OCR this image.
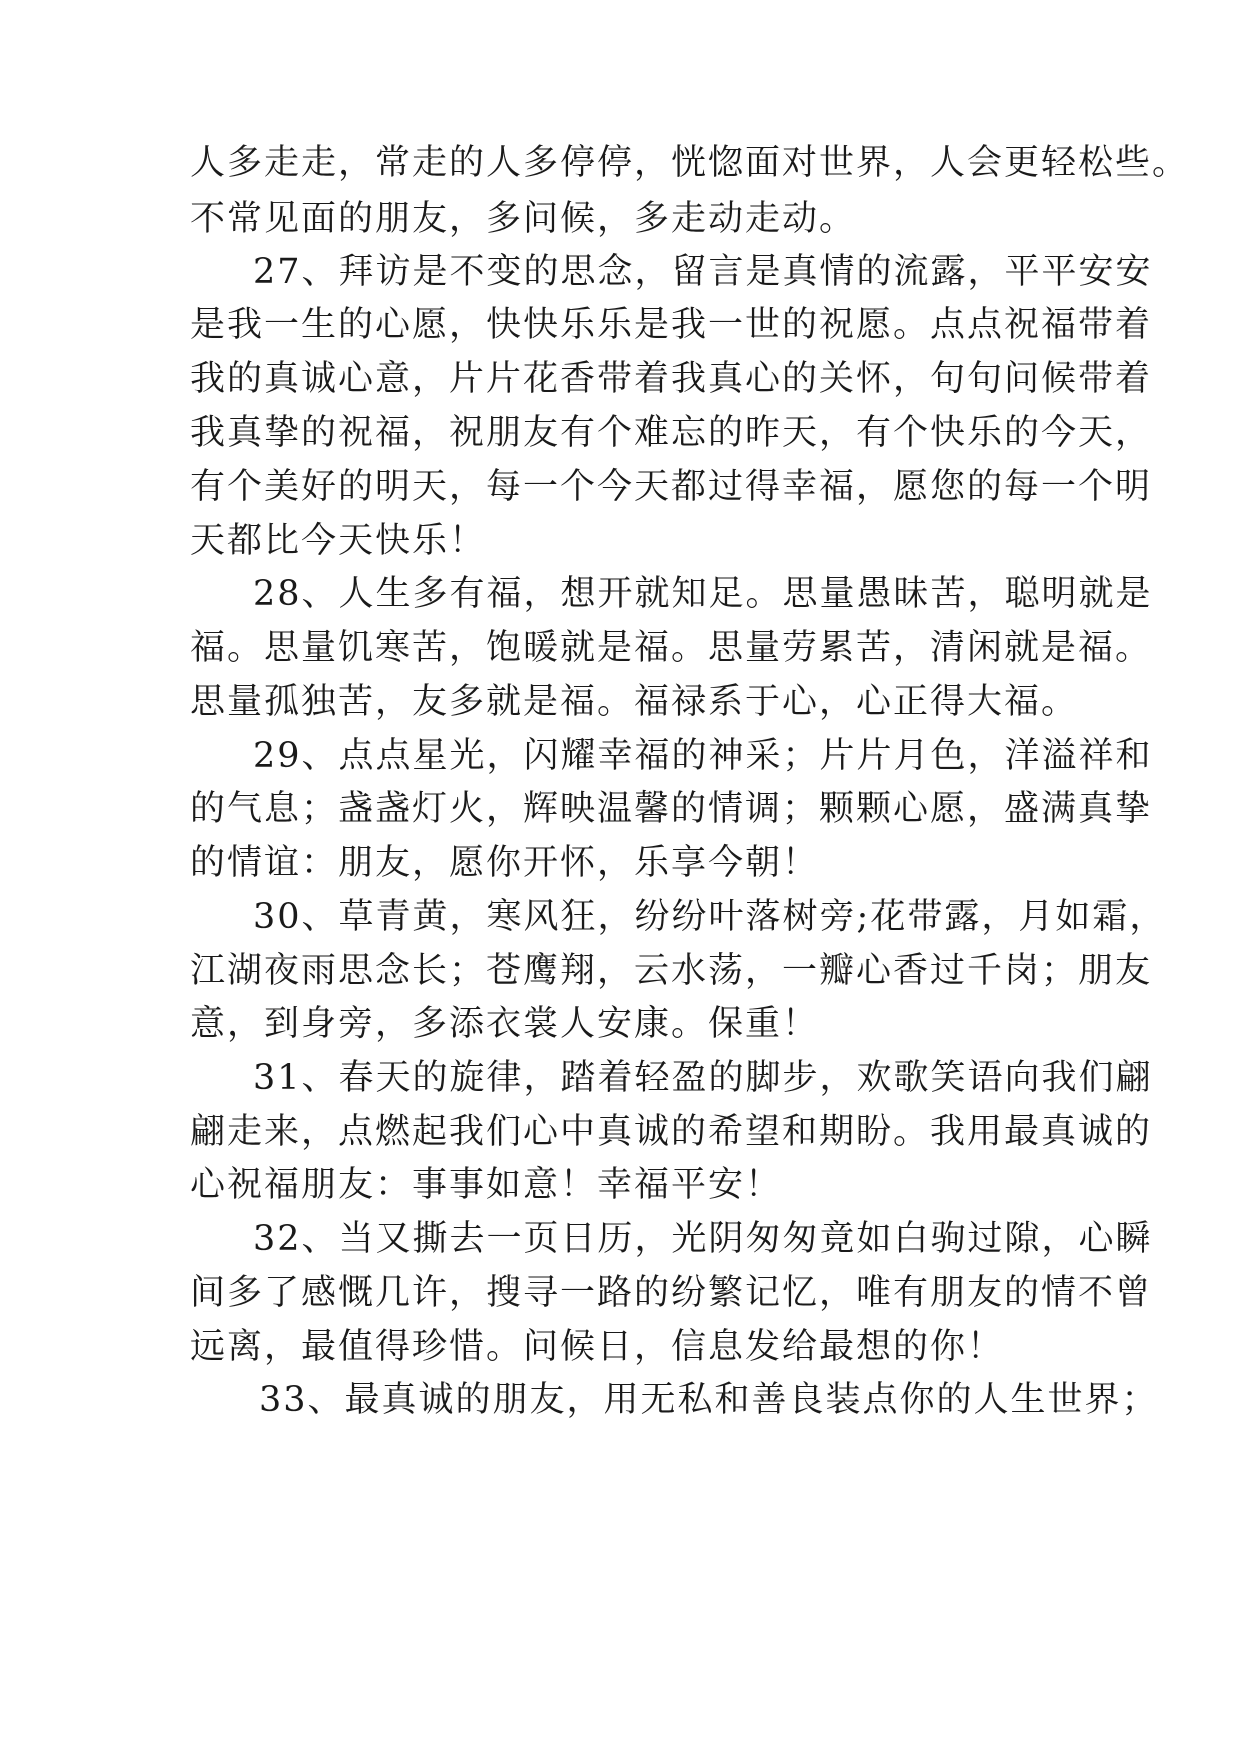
人多走走，常走的人多停停，恍惚面对世界，人会更轻松些。
不常见面的朋友，多问候，多走动走动。
27、拜访是不变的思念，留言是真情的流露，平平安安
是我一生的心愿，快快乐乐是我一世的祝愿。点点祝福带着
我的真诚心意，片片花香带着我真心的关怀，句句问候带着
我真挚的祝福，祝朋友有个难忘的昨天，有个快乐的今天，
有个美好的明天，每一个今天都过得幸福，愿您的每一个明
天都比今天快乐！
28、人生多有福，想开就知足。思量愚昧苦，聪明就是
福。思量饥寒苦，饱暖就是福。思量劳累苦，清闲就是福。
思量孤独苦，友多就是福。福禄系于心，心正得大福。
29、点点星光，闪耀幸福的神采；片片月色，洋溢祥和
的气息；盏盏灯火，辉映温馨的情调；颗颗心愿，盛满真挚
的情谊：朋友，愿你开怀，乐享今朝！
30、草青黄，寒风狂，纷纷叶落树旁;花带露，月如霜，
江湖夜雨思念长；苍鹰翔，云水荡，一瓣心香过千岗；朋友
意，到身旁，多添衣裳人安康。保重！
31、春天的旋律，踏着轻盈的脚步，欢歌笑语向我们翩
翩走来，点燃起我们心中真诚的希望和期盼。我用最真诚的
心祝福朋友：事事如意！幸福平安！
32、当又撕去一页日历，光阴匆匆竟如白驹过隙，心瞬
间多了感慨几许，搜寻一路的纷繁记忆，唯有朋友的情不曾
远离，最值得珍惜。问候日，信息发给最想的你！
33、最真诚的朋友，用无私和善良装点你的人生世界；
